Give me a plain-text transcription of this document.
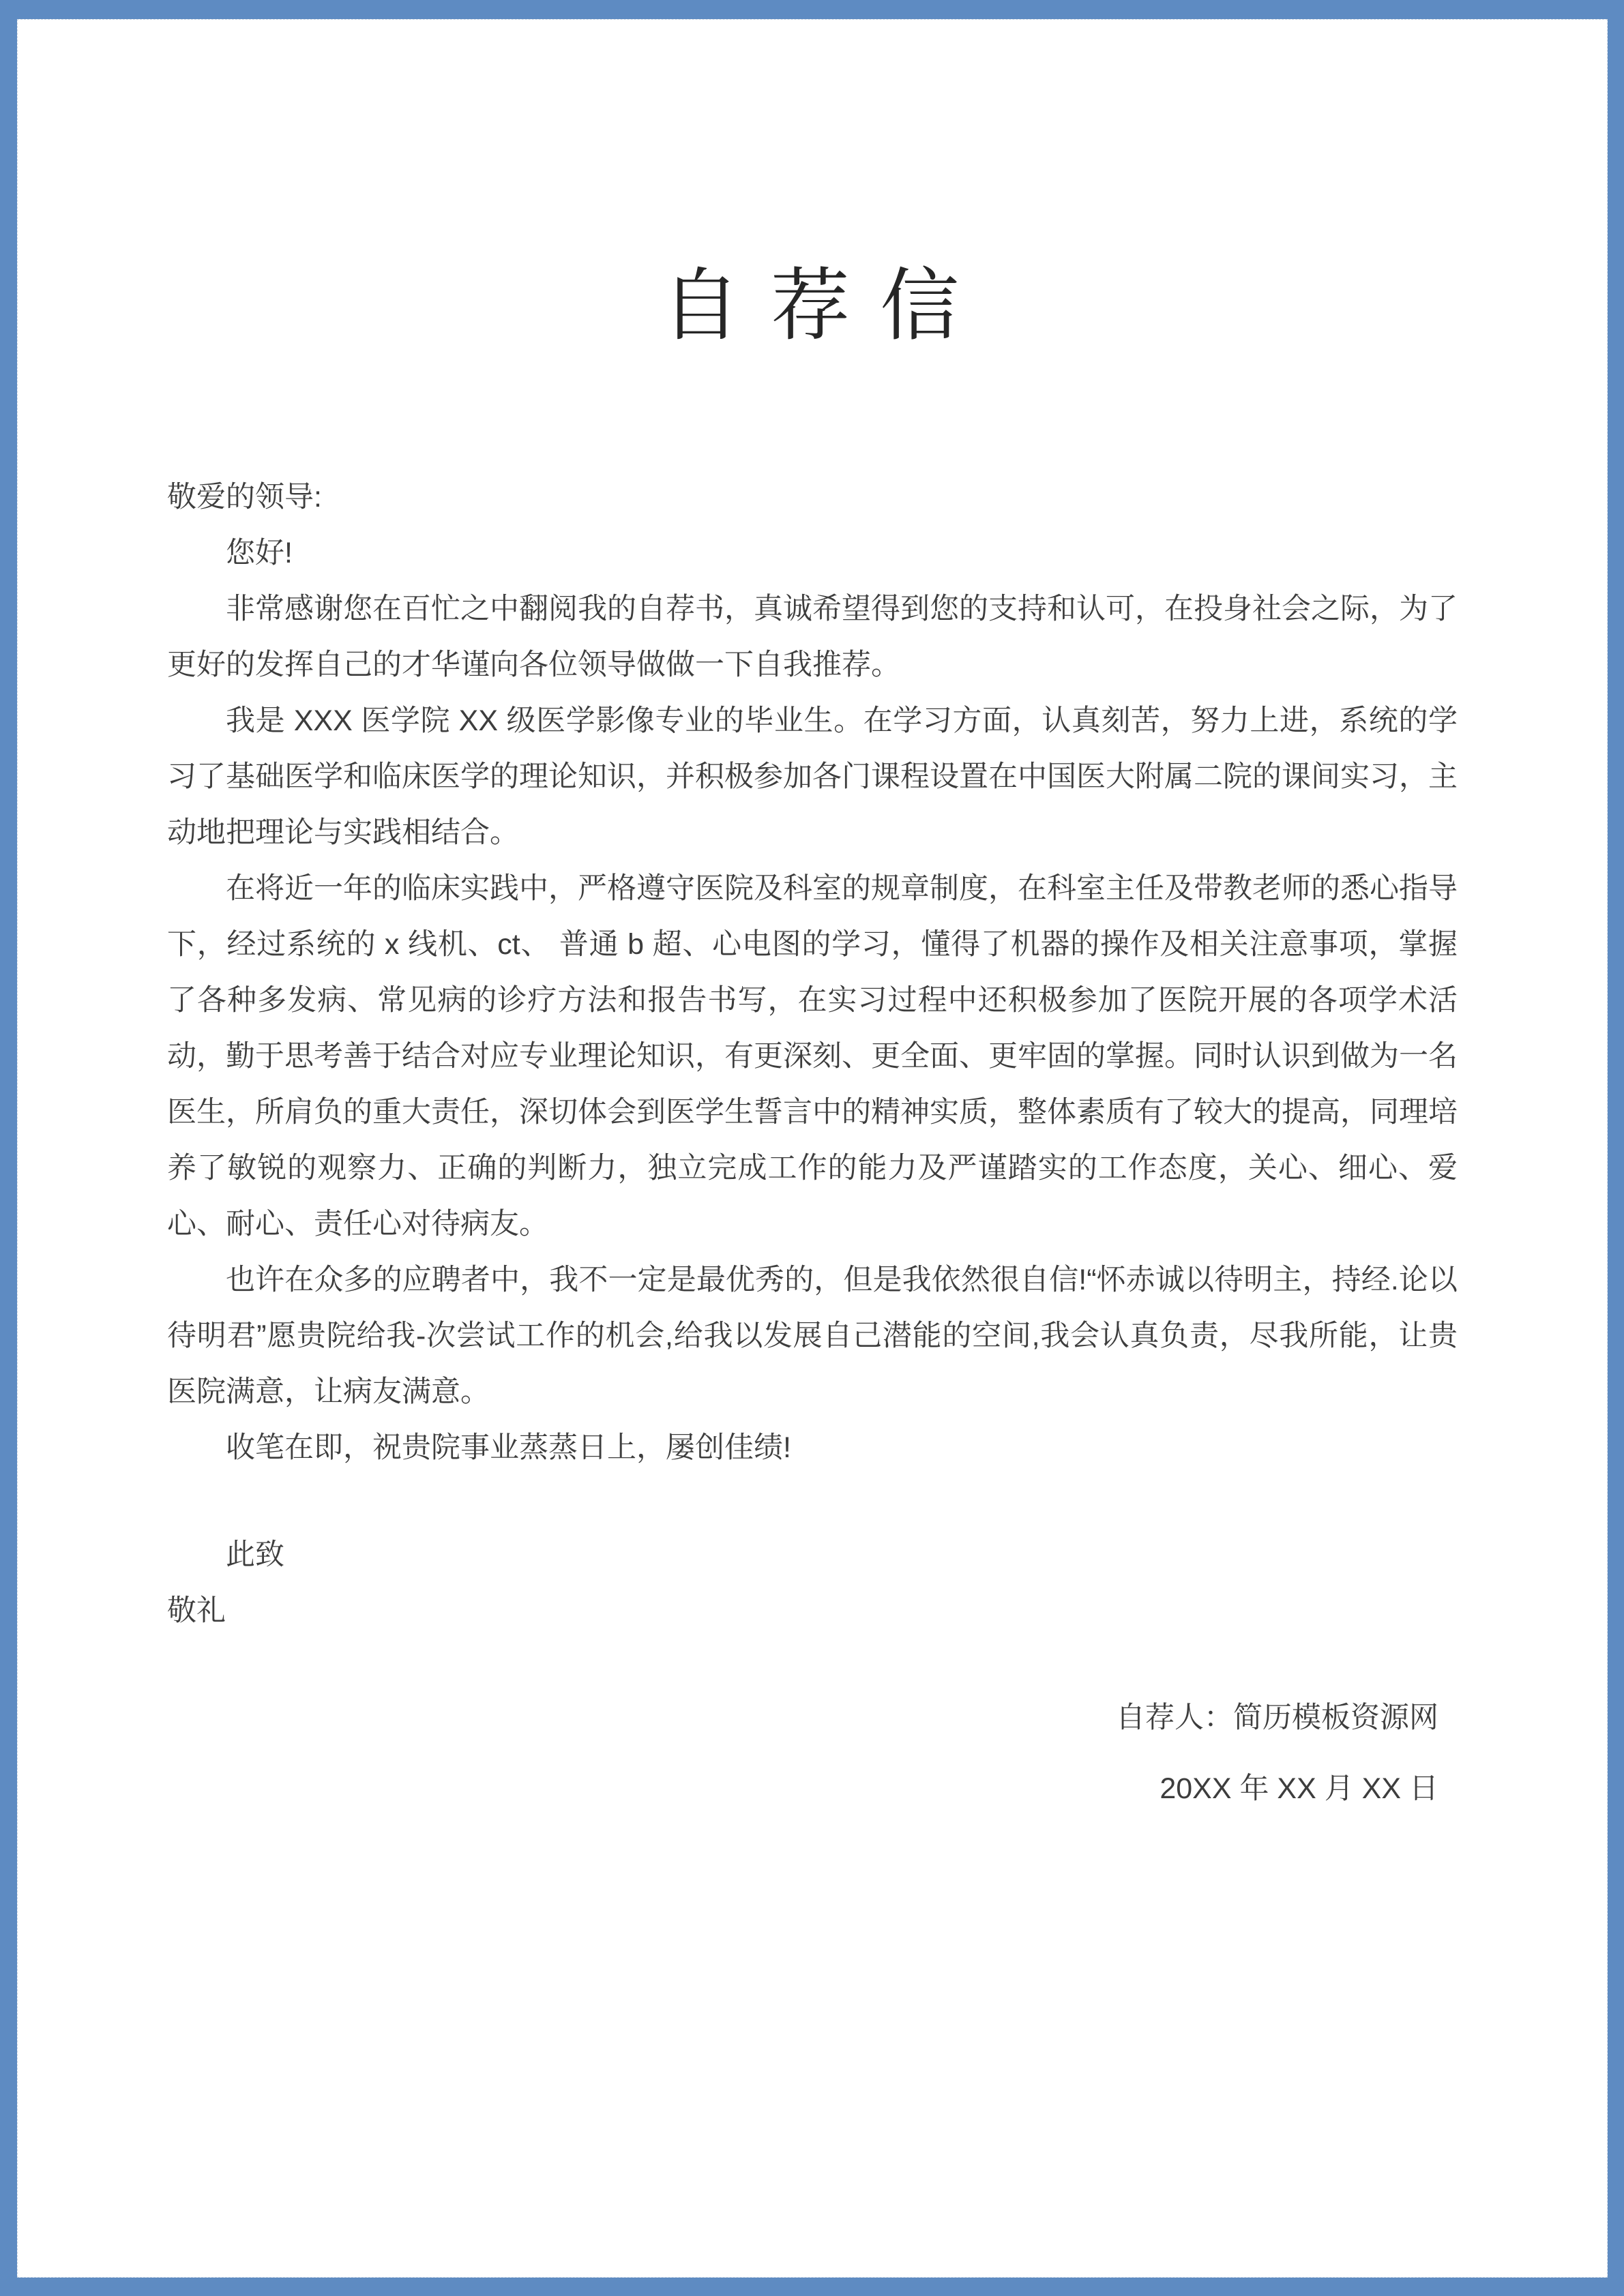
自 荐 信
敬爱的领导:

您好!

非常感谢您在百忙之中翻阅我的自荐书，真诚希望得到您的支持和认可，在投身社会之际，为了更好的发挥自己的才华谨向各位领导做做一下自我推荐。

我是 XXX 医学院 XX 级医学影像专业的毕业生。在学习方面，认真刻苦，努力上进，系统的学习了基础医学和临床医学的理论知识，并积极参加各门课程设置在中国医大附属二院的课间实习，主动地把理论与实践相结合。

在将近一年的临床实践中，严格遵守医院及科室的规章制度，在科室主任及带教老师的悉心指导下，经过系统的 x 线机、ct、 普通 b 超、心电图的学习，懂得了机器的操作及相关注意事项，掌握了各种多发病、常见病的诊疗方法和报告书写，在实习过程中还积极参加了医院开展的各项学术活动，勤于思考善于结合对应专业理论知识，有更深刻、更全面、更牢固的掌握。同时认识到做为一名医生，所肩负的重大责任，深切体会到医学生誓言中的精神实质，整体素质有了较大的提高，同理培养了敏锐的观察力、正确的判断力，独立完成工作的能力及严谨踏实的工作态度，关心、细心、爱心、耐心、责任心对待病友。

也许在众多的应聘者中，我不一定是最优秀的，但是我依然很自信!“怀赤诚以待明主，持经.论以待明君”愿贵院给我-次尝试工作的机会,给我以发展自己潜能的空间,我会认真负责，尽我所能，让贵医院满意，让病友满意。

收笔在即，祝贵院事业蒸蒸日上，屡创佳绩!

此致
敬礼
自荐人：简历模板资源网
20XX 年 XX 月 XX 日
